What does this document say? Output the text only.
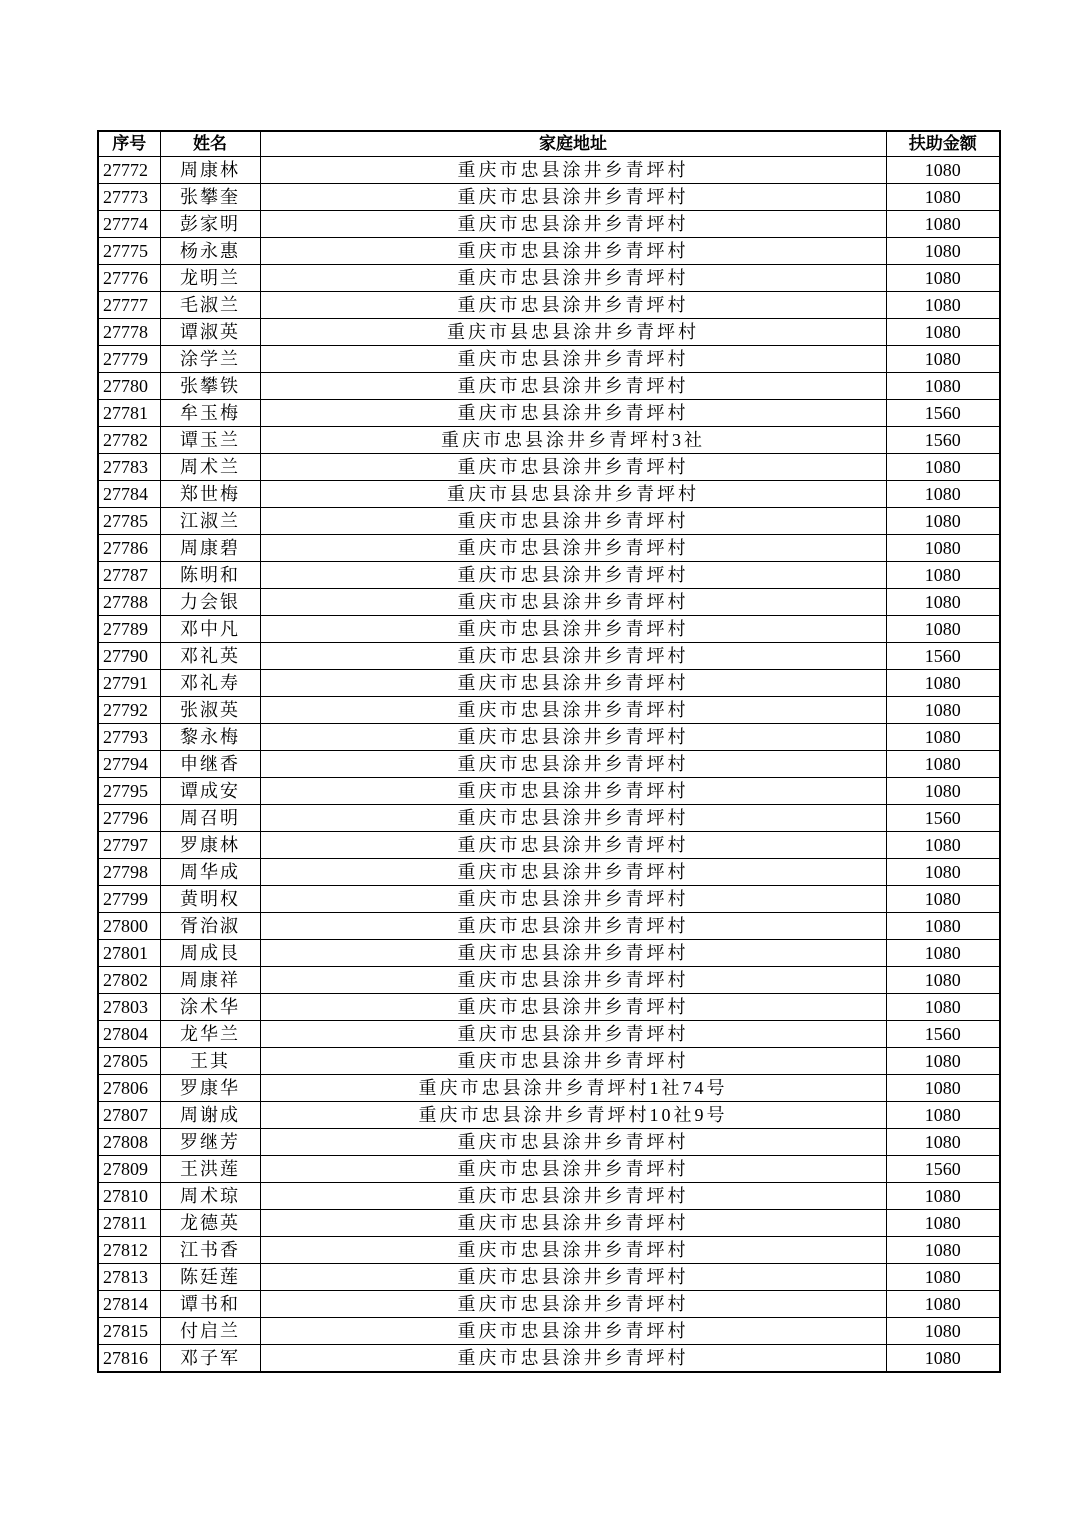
序号	姓名	家庭地址	扶助金额
27772	周康林	重庆市忠县涂井乡青坪村	1080
27773	张攀奎	重庆市忠县涂井乡青坪村	1080
27774	彭家明	重庆市忠县涂井乡青坪村	1080
27775	杨永惠	重庆市忠县涂井乡青坪村	1080
27776	龙明兰	重庆市忠县涂井乡青坪村	1080
27777	毛淑兰	重庆市忠县涂井乡青坪村	1080
27778	谭淑英	重庆市县忠县涂井乡青坪村	1080
27779	涂学兰	重庆市忠县涂井乡青坪村	1080
27780	张攀铁	重庆市忠县涂井乡青坪村	1080
27781	牟玉梅	重庆市忠县涂井乡青坪村	1560
27782	谭玉兰	重庆市忠县涂井乡青坪村3社	1560
27783	周术兰	重庆市忠县涂井乡青坪村	1080
27784	郑世梅	重庆市县忠县涂井乡青坪村	1080
27785	江淑兰	重庆市忠县涂井乡青坪村	1080
27786	周康碧	重庆市忠县涂井乡青坪村	1080
27787	陈明和	重庆市忠县涂井乡青坪村	1080
27788	力会银	重庆市忠县涂井乡青坪村	1080
27789	邓中凡	重庆市忠县涂井乡青坪村	1080
27790	邓礼英	重庆市忠县涂井乡青坪村	1560
27791	邓礼寿	重庆市忠县涂井乡青坪村	1080
27792	张淑英	重庆市忠县涂井乡青坪村	1080
27793	黎永梅	重庆市忠县涂井乡青坪村	1080
27794	申继香	重庆市忠县涂井乡青坪村	1080
27795	谭成安	重庆市忠县涂井乡青坪村	1080
27796	周召明	重庆市忠县涂井乡青坪村	1560
27797	罗康林	重庆市忠县涂井乡青坪村	1080
27798	周华成	重庆市忠县涂井乡青坪村	1080
27799	黄明权	重庆市忠县涂井乡青坪村	1080
27800	胥治淑	重庆市忠县涂井乡青坪村	1080
27801	周成艮	重庆市忠县涂井乡青坪村	1080
27802	周康祥	重庆市忠县涂井乡青坪村	1080
27803	涂术华	重庆市忠县涂井乡青坪村	1080
27804	龙华兰	重庆市忠县涂井乡青坪村	1560
27805	王其	重庆市忠县涂井乡青坪村	1080
27806	罗康华	重庆市忠县涂井乡青坪村1社74号	1080
27807	周谢成	重庆市忠县涂井乡青坪村10社9号	1080
27808	罗继芳	重庆市忠县涂井乡青坪村	1080
27809	王洪莲	重庆市忠县涂井乡青坪村	1560
27810	周术琼	重庆市忠县涂井乡青坪村	1080
27811	龙德英	重庆市忠县涂井乡青坪村	1080
27812	江书香	重庆市忠县涂井乡青坪村	1080
27813	陈廷莲	重庆市忠县涂井乡青坪村	1080
27814	谭书和	重庆市忠县涂井乡青坪村	1080
27815	付启兰	重庆市忠县涂井乡青坪村	1080
27816	邓子军	重庆市忠县涂井乡青坪村	1080
